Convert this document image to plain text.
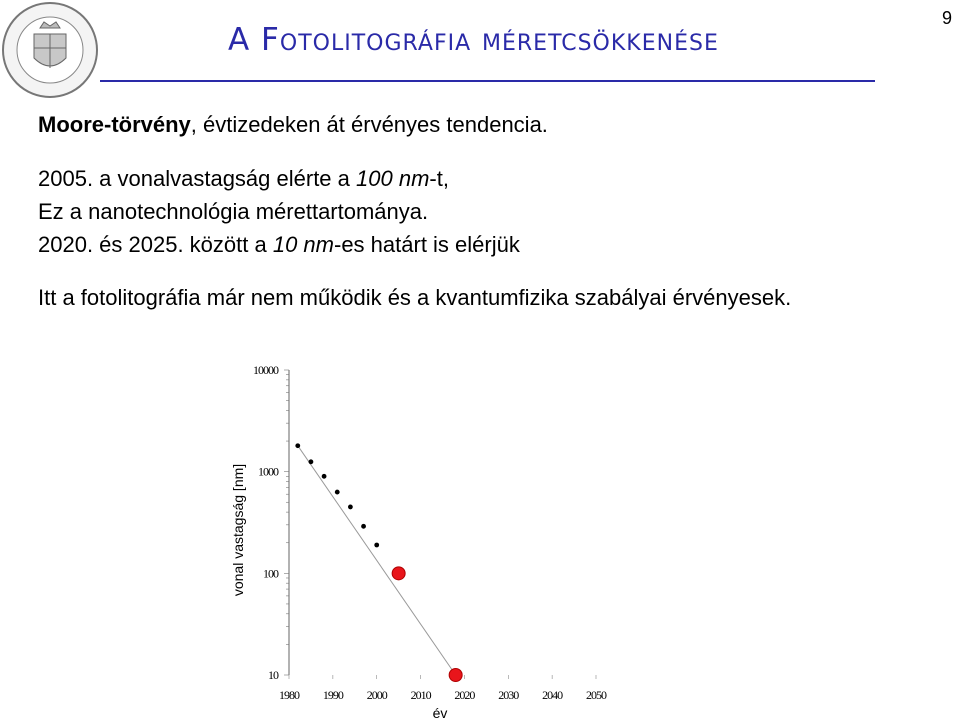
A Fotolitográfia méretcsökkenése
9
Moore-törvény, évtizedeken át érvényes tendencia.
2005. a vonalvastagság elérte a 100 nm-t,
Ez a nanotechnológia mérettartománya.
2020. és 2025. között a 10 nm-es határt is elérjük
Itt a fotolitográfia már nem működik és a kvantumfizika szabályai érvényesek.
10
100
1000
10000
1980 1990 2000 2010 2020 2030 2040 2050
vonal vastagság [nm]
év
